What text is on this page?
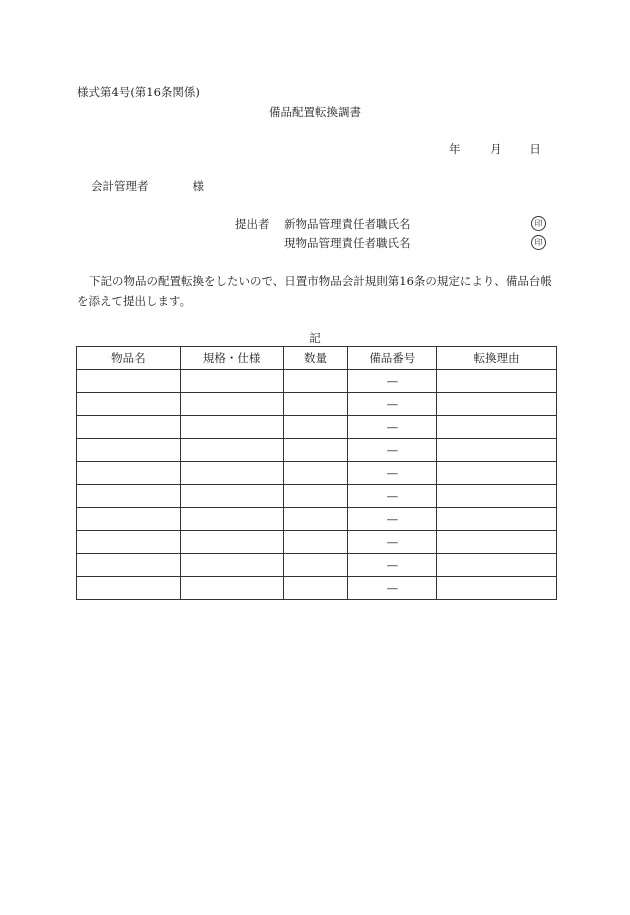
様式第4号(第16条関係)
備品配置転換調書
年	月 日
会計管理者	様
提出者 新物品管理責任者職氏名
現物品管理責任者職氏名
印
印
下記の物品の配置転換をしたいので、日置市物品会計規則第16条の規定により、備品台帳を添えて提出します。
記
物品名	規格・仕様	数量	備品番号	転換理由
			—	
			—	
			—	
			—	
			—	
			—	
			—	
			—	
			—	
			—	
